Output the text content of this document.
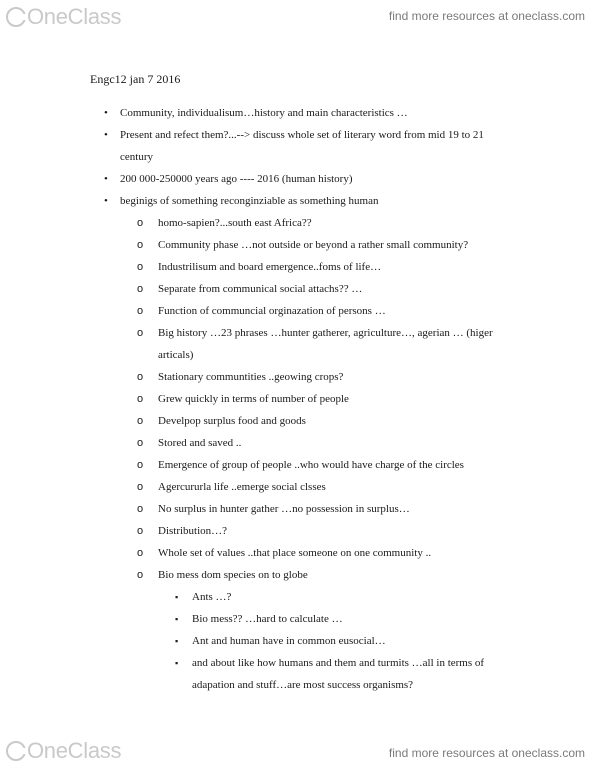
OneClass	find more resources at oneclass.com
Engc12 jan 7 2016
• Community, individualisum…history and main characteristics …
• Present and refect them?...--> discuss whole set of literary word from mid 19 to 21 century
• 200 000-250000 years ago ---- 2016 (human history)
• beginigs of something reconginziable as something human
o homo-sapien?...south east Africa??
o Community phase …not outside or beyond a rather small community?
o Industrilisum and board emergence..foms of life…
o Separate from communical social attachs?? …
o Function of communcial orginazation of persons …
o Big history …23 phrases …hunter gatherer, agriculture…, agerian … (higer articals)
o Stationary communtities ..geowing crops?
o Grew quickly in terms of number of people
o Develpop surplus food and goods
o Stored and saved ..
o Emergence of group of people ..who would have charge of the circles
o Agercururla life ..emerge social clsses
o No surplus in hunter gather …no possession in surplus…
o Distribution…?
o Whole set of values ..that place someone on one community ..
o Bio mess dom species on to globe
▪ Ants …?
▪ Bio mess?? …hard to calculate …
▪ Ant and human have in common eusocial…
▪ and about like how humans and them and turmits …all in terms of adapation and stuff…are most success organisms?
OneClass	find more resources at oneclass.com
